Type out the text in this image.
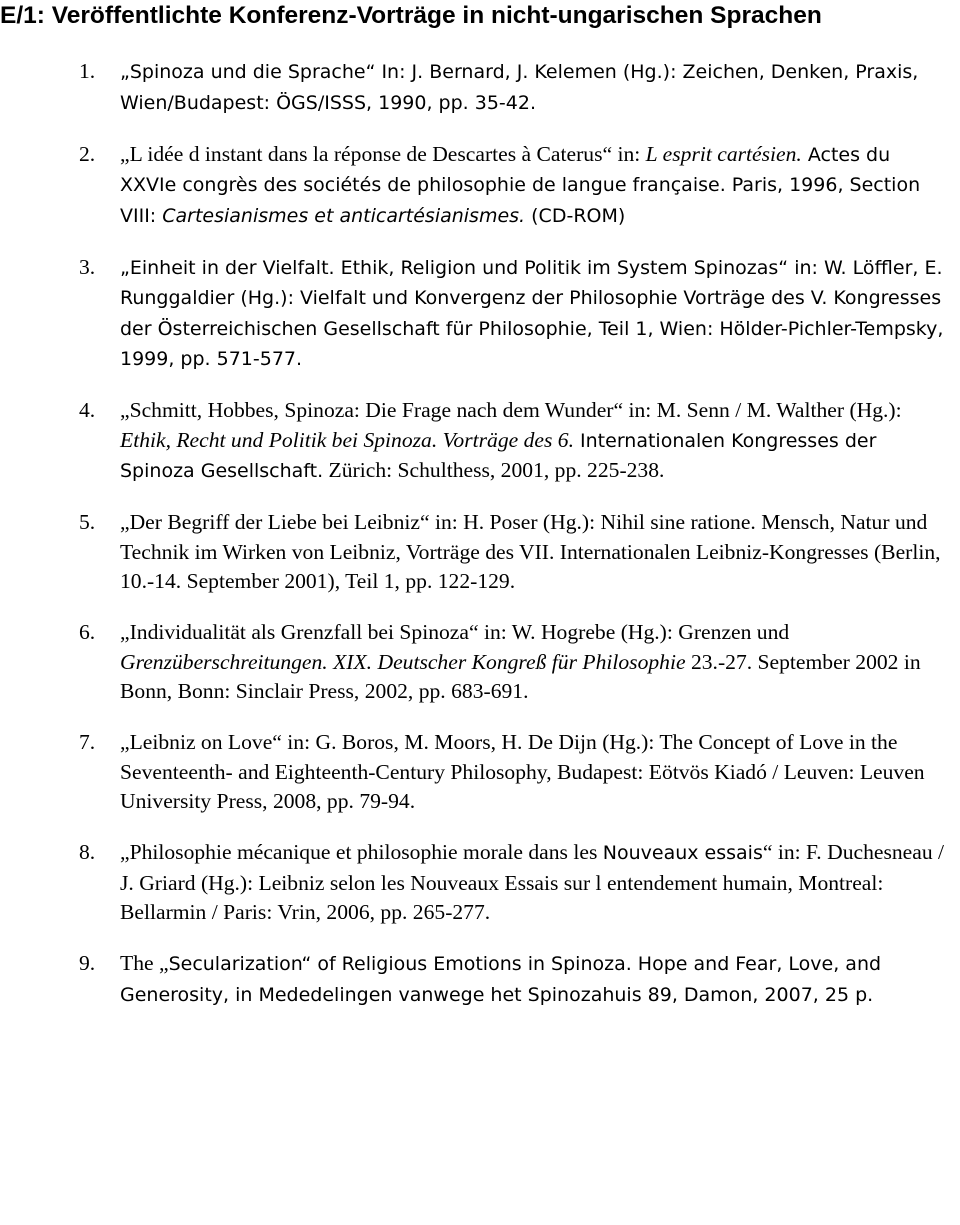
E/1: Veröffentlichte Konferenz-Vorträge in nicht-ungarischen Sprachen
1. „Spinoza und die Sprache“ In: J. Bernard, J. Kelemen (Hg.): Zeichen, Denken, Praxis, Wien/Budapest: ÖGS/ISSS, 1990, pp. 35-42.
2. „L idée d instant dans la réponse de Descartes à Caterus“ in: L esprit cartésien. Actes du XXVIe congrès des sociétés de philosophie de langue française. Paris, 1996, Section VIII: Cartesianismes et anticartésianismes. (CD-ROM)
3. „Einheit in der Vielfalt. Ethik, Religion und Politik im System Spinozas“ in: W. Löffler, E. Runggaldier (Hg.): Vielfalt und Konvergenz der Philosophie Vorträge des V. Kongresses der Österreichischen Gesellschaft für Philosophie, Teil 1, Wien: Hölder-Pichler-Tempsky, 1999, pp. 571-577.
4. „Schmitt, Hobbes, Spinoza: Die Frage nach dem Wunder“ in: M. Senn / M. Walther (Hg.): Ethik, Recht und Politik bei Spinoza. Vorträge des 6. Internationalen Kongresses der Spinoza Gesellschaft. Zürich: Schulthess, 2001, pp. 225-238.
5. „Der Begriff der Liebe bei Leibniz“ in: H. Poser (Hg.): Nihil sine ratione. Mensch, Natur und Technik im Wirken von Leibniz, Vorträge des VII. Internationalen Leibniz-Kongresses (Berlin, 10.-14. September 2001), Teil 1, pp. 122-129.
6. „Individualität als Grenzfall bei Spinoza“ in: W. Hogrebe (Hg.): Grenzen und Grenzüberschreitungen. XIX. Deutscher Kongreß für Philosophie 23.-27. September 2002 in Bonn, Bonn: Sinclair Press, 2002, pp. 683-691.
7. „Leibniz on Love“ in: G. Boros, M. Moors, H. De Dijn (Hg.): The Concept of Love in the Seventeenth- and Eighteenth-Century Philosophy, Budapest: Eötvös Kiadó / Leuven: Leuven University Press, 2008, pp. 79-94.
8. „Philosophie mécanique et philosophie morale dans les Nouveaux essais“ in: F. Duchesneau / J. Griard (Hg.): Leibniz selon les Nouveaux Essais sur l entendement humain, Montreal: Bellarmin / Paris: Vrin, 2006, pp. 265-277.
9. The „Secularization“ of Religious Emotions in Spinoza. Hope and Fear, Love, and Generosity, in Mededelingen vanwege het Spinozahuis 89, Damon, 2007, 25 p.
